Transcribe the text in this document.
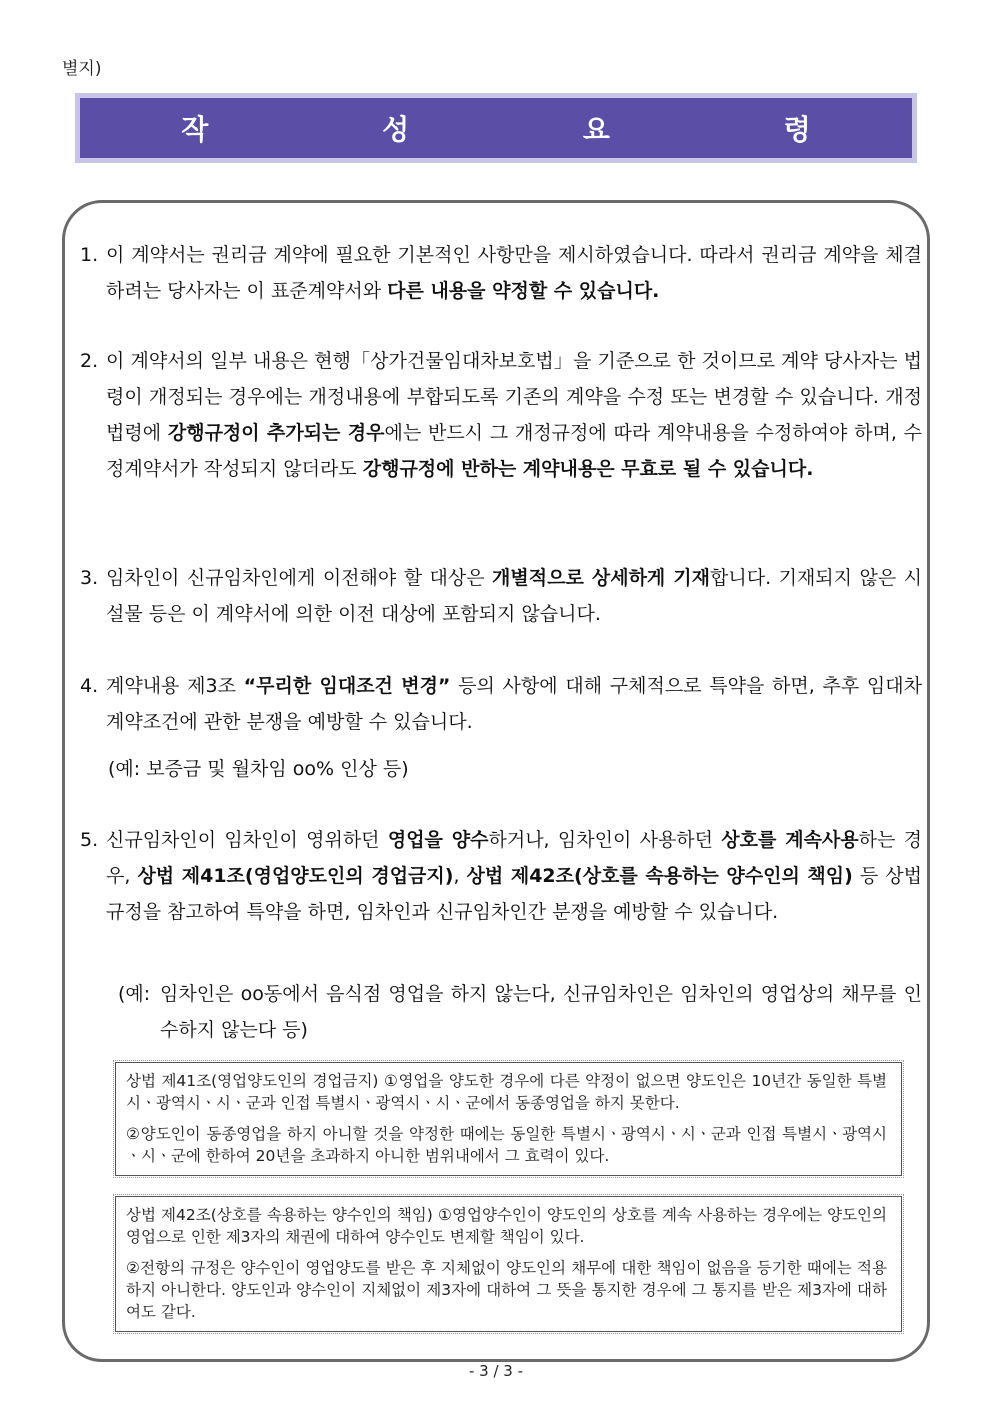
별지)
작 성 요 령
1. 이 계약서는 권리금 계약에 필요한 기본적인 사항만을 제시하였습니다. 따라서 권리금 계약을 체결하려는 당사자는 이 표준계약서와 다른 내용을 약정할 수 있습니다.
2. 이 계약서의 일부 내용은 현행「상가건물임대차보호법」을 기준으로 한 것이므로 계약 당사자는 법령이 개정되는 경우에는 개정내용에 부합되도록 기존의 계약을 수정 또는 변경할 수 있습니다. 개정법령에 강행규정이 추가되는 경우에는 반드시 그 개정규정에 따라 계약내용을 수정하여야 하며, 수정계약서가 작성되지 않더라도 강행규정에 반하는 계약내용은 무효로 될 수 있습니다.
3. 임차인이 신규임차인에게 이전해야 할 대상은 개별적으로 상세하게 기재합니다. 기재되지 않은 시설물 등은 이 계약서에 의한 이전 대상에 포함되지 않습니다.
4. 계약내용 제3조 “무리한 임대조건 변경” 등의 사항에 대해 구체적으로 특약을 하면, 추후 임대차 계약조건에 관한 분쟁을 예방할 수 있습니다.
(예: 보증금 및 월차임 oo% 인상 등)
5. 신규임차인이 임차인이 영위하던 영업을 양수하거나, 임차인이 사용하던 상호를 계속사용하는 경우, 상법 제41조(영업양도인의 경업금지), 상법 제42조(상호를 속용하는 양수인의 책임) 등 상법 규정을 참고하여 특약을 하면, 임차인과 신규임차인간 분쟁을 예방할 수 있습니다.
(예: 임차인은 oo동에서 음식점 영업을 하지 않는다, 신규임차인은 임차인의 영업상의 채무를 인수하지 않는다 등)

상법 제41조(영업양도인의 경업금지) ①영업을 양도한 경우에 다른 약정이 없으면 양도인은 10년간 동일한 특별시ㆍ광역시ㆍ시ㆍ군과 인접 특별시ㆍ광역시ㆍ시ㆍ군에서 동종영업을 하지 못한다.

②양도인이 동종영업을 하지 아니할 것을 약정한 때에는 동일한 특별시ㆍ광역시ㆍ시ㆍ군과 인접 특별시ㆍ광역시ㆍ시ㆍ군에 한하여 20년을 초과하지 아니한 범위내에서 그 효력이 있다.

상법 제42조(상호를 속용하는 양수인의 책임) ①영업양수인이 양도인의 상호를 계속 사용하는 경우에는 양도인의 영업으로 인한 제3자의 채권에 대하여 양수인도 변제할 책임이 있다.

②전항의 규정은 양수인이 영업양도를 받은 후 지체없이 양도인의 채무에 대한 책임이 없음을 등기한 때에는 적용하지 아니한다. 양도인과 양수인이 지체없이 제3자에 대하여 그 뜻을 통지한 경우에 그 통지를 받은 제3자에 대하여도 같다.

- 3 / 3 -
